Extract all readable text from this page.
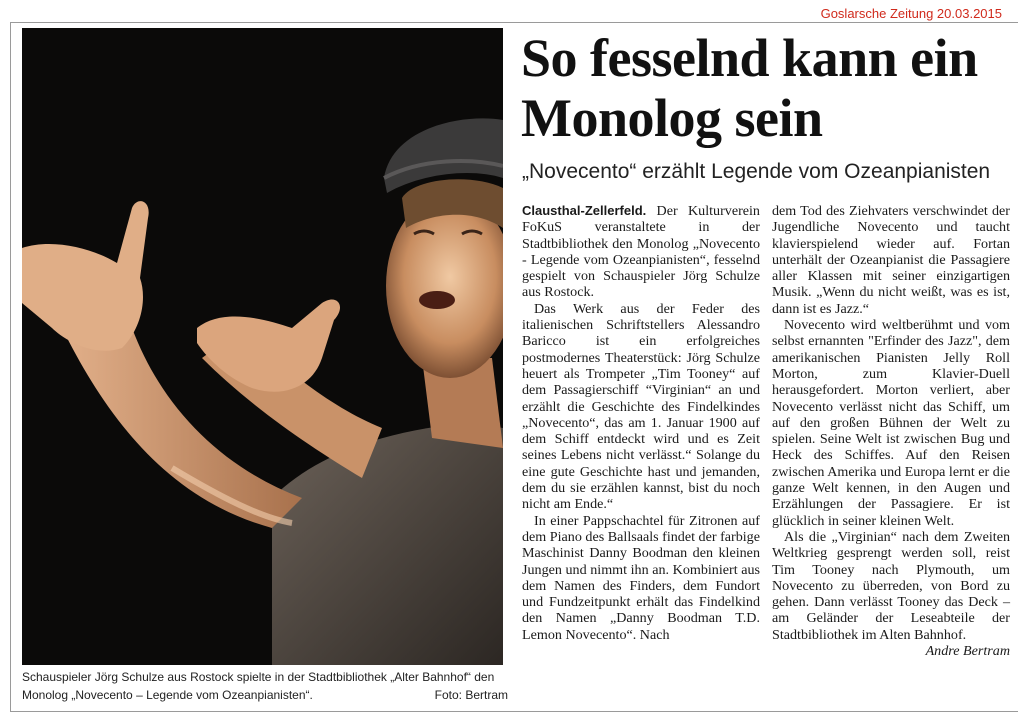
Goslarsche Zeitung 20.03.2015
Schauspieler Jörg Schulze aus Rostock spielte in der Stadtbibliothek „Alter Bahnhof“ den Monolog „Novecento – Legende vom Ozeanpianisten“.	Foto: Bertram
So fesselnd kann ein Monolog sein
„Novecento“ erzählt Legende vom Ozeanpianisten

Clausthal-Zellerfeld. Der Kulturverein FoKuS veranstaltete in der Stadtbibliothek den Monolog „Novecento - Legende vom Ozeanpianisten“, fesselnd gespielt von Schauspieler Jörg Schulze aus Rostock.

Das Werk aus der Feder des italienischen Schriftstellers Alessandro Baricco ist ein erfolgreiches postmodernes Theaterstück: Jörg Schulze heuert als Trompeter „Tim Tooney“ auf dem Passagierschiff “Virginian“ an und erzählt die Geschichte des Findelkindes „Novecento“, das am 1. Januar 1900 auf dem Schiff entdeckt wird und es Zeit seines Lebens nicht verlässt.“ Solange du eine gute Geschichte hast und jemanden, dem du sie erzählen kannst, bist du noch nicht am Ende.“

In einer Pappschachtel für Zitronen auf dem Piano des Ballsaals findet der farbige Maschinist Danny Boodman den kleinen Jungen und nimmt ihn an. Kombiniert aus dem Namen des Finders, dem Fundort und Fundzeitpunkt erhält das Findelkind den Namen „Danny Boodman T.D. Lemon Novecento“. Nach

dem Tod des Ziehvaters verschwindet der Jugendliche Novecento und taucht klavierspielend wieder auf. Fortan unterhält der Ozeanpianist die Passagiere aller Klassen mit seiner einzigartigen Musik. „Wenn du nicht weißt, was es ist, dann ist es Jazz.“

Novecento wird weltberühmt und vom selbst ernannten "Erfinder des Jazz", dem amerikanischen Pianisten Jelly Roll Morton, zum Klavier-Duell herausgefordert. Morton verliert, aber Novecento verlässt nicht das Schiff, um auf den großen Bühnen der Welt zu spielen. Seine Welt ist zwischen Bug und Heck des Schiffes. Auf den Reisen zwischen Amerika und Europa lernt er die ganze Welt kennen, in den Augen und Erzählungen der Passagiere. Er ist glücklich in seiner kleinen Welt.

Als die „Virginian“ nach dem Zweiten Weltkrieg gesprengt werden soll, reist Tim Tooney nach Plymouth, um Novecento zu überreden, von Bord zu gehen. Dann verlässt Tooney das Deck – am Geländer der Leseabteile der Stadtbibliothek im Alten Bahnhof.
Andre Bertram
